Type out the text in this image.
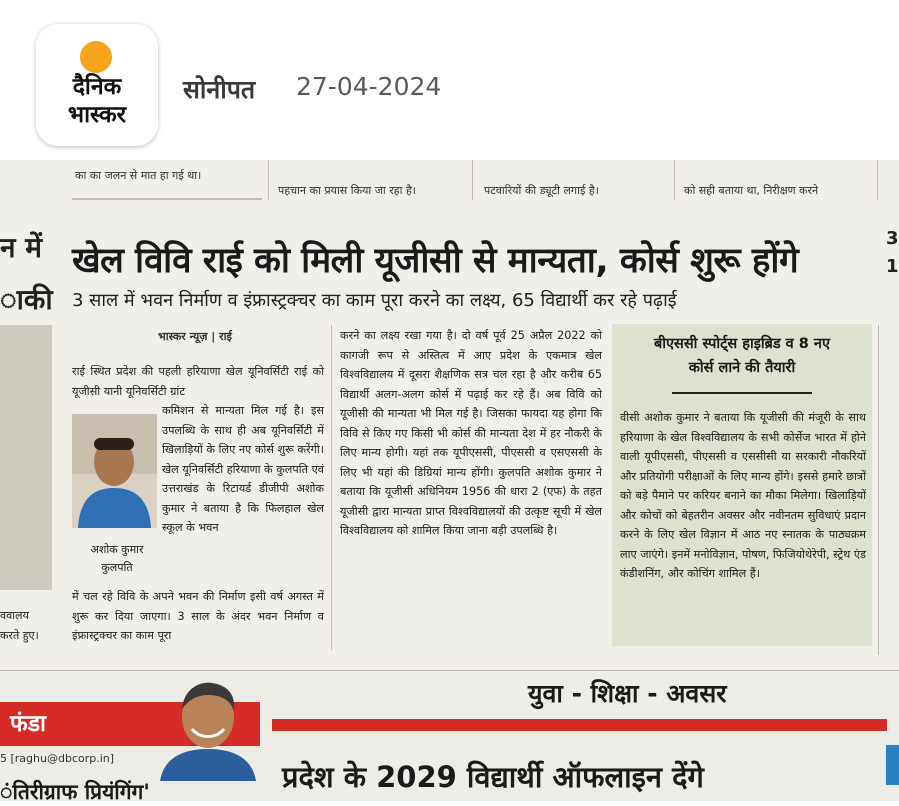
दैनिक
भास्कर
सोनीपत 27-04-2024
का का जलन से मात हा गई था।
पहचान का प्रयास किया जा रहा है।	पटवारियों की ड्यूटी लगाई है।	को सही बताया था, निरीक्षण करने
न में
ाकी
ववालय
करते हुए।
3
1
खेल विवि राई को मिली यूजीसी से मान्यता, कोर्स शुरू होंगे
3 साल में भवन निर्माण व इंफ्रास्ट्रक्चर का काम पूरा करने का लक्ष्य, 65 विद्यार्थी कर रहे पढ़ाई
भास्कर न्यूज़ | राई
राई स्थित प्रदेश की पहली हरियाणा खेल यूनिवर्सिटी राई को यूजीसी यानी यूनिवर्सिटी ग्रांट
कमिशन से मान्यता मिल गई है। इस उपलब्धि के साथ ही अब यूनिवर्सिटी में खिलाड़ियों के लिए नए कोर्स शुरू करेंगी। खेल यूनिवर्सिटी हरियाणा के कुलपति एवं उत्तराखंड के रिटायर्ड डीजीपी अशोक कुमार ने बताया है कि फिलहाल खेल स्कूल के भवन
अशोक कुमार
कुलपति
में चल रहे विवि के अपने भवन की निर्माण इसी वर्ष अगस्त में शुरू कर दिया जाएगा। 3 साल के अंदर भवन निर्माण व इंफ्रास्ट्रक्चर का काम पूरा
करने का लक्ष्य रखा गया है। दो वर्ष पूर्व 25 अप्रैल 2022 को कागजी रूप से अस्तित्व में आए प्रदेश के एकमात्र खेल विश्वविद्यालय में दूसरा शैक्षणिक सत्र चल रहा है और करीब 65 विद्यार्थी अलग-अलग कोर्स में पढ़ाई कर रहे हैं। अब विवि को यूजीसी की मान्यता भी मिल गई है। जिसका फायदा यह होगा कि विवि से किए गए किसी भी कोर्स की मान्यता देश में हर नौकरी के लिए मान्य होगी। यहां तक यूपीएससी, पीएससी व एसएससी के लिए भी यहां की डिग्रियां मान्य होंगी। कुलपति अशोक कुमार ने बताया कि यूजीसी अधिनियम 1956 की धारा 2 (एफ) के तहत यूजीसी द्वारा मान्यता प्राप्त विश्वविद्यालयों की उत्कृष्ट सूची में खेल विश्वविद्यालय को शामिल किया जाना बड़ी उपलब्धि है।
बीएससी स्पोर्ट्स हाइब्रिड व 8 नए
कोर्स लाने की तैयारी
वीसी अशोक कुमार ने बताया कि यूजीसी की मंजूरी के साथ हरियाणा के खेल विश्वविद्यालय के सभी कोर्सेज भारत में होने वाली यूपीएससी, पीएससी व एससीसी या सरकारी नौकरियों और प्रतियोगी परीक्षाओं के लिए मान्य होंगे। इससे हमारे छात्रों को बड़े पैमाने पर करियर बनाने का मौका मिलेगा। खिलाड़ियों और कोचों को बेहतरीन अवसर और नवीनतम सुविधाएं प्रदान करने के लिए खेल विज्ञान में आठ नए स्नातक के पाठ्यक्रम लाए जाएंगे। इनमें मनोविज्ञान, पोषण, फिजियोथेरेपी, स्ट्रेथ एंड कंडीशनिंग, और कोचिंग शामिल हैं।
युवा - शिक्षा - अवसर
प्रदेश के 2029 विद्यार्थी ऑफलाइन देंगे
फंडा
5 [raghu@dbcorp.in]
ंतिरीग्राफ प्रियंगिंग'
